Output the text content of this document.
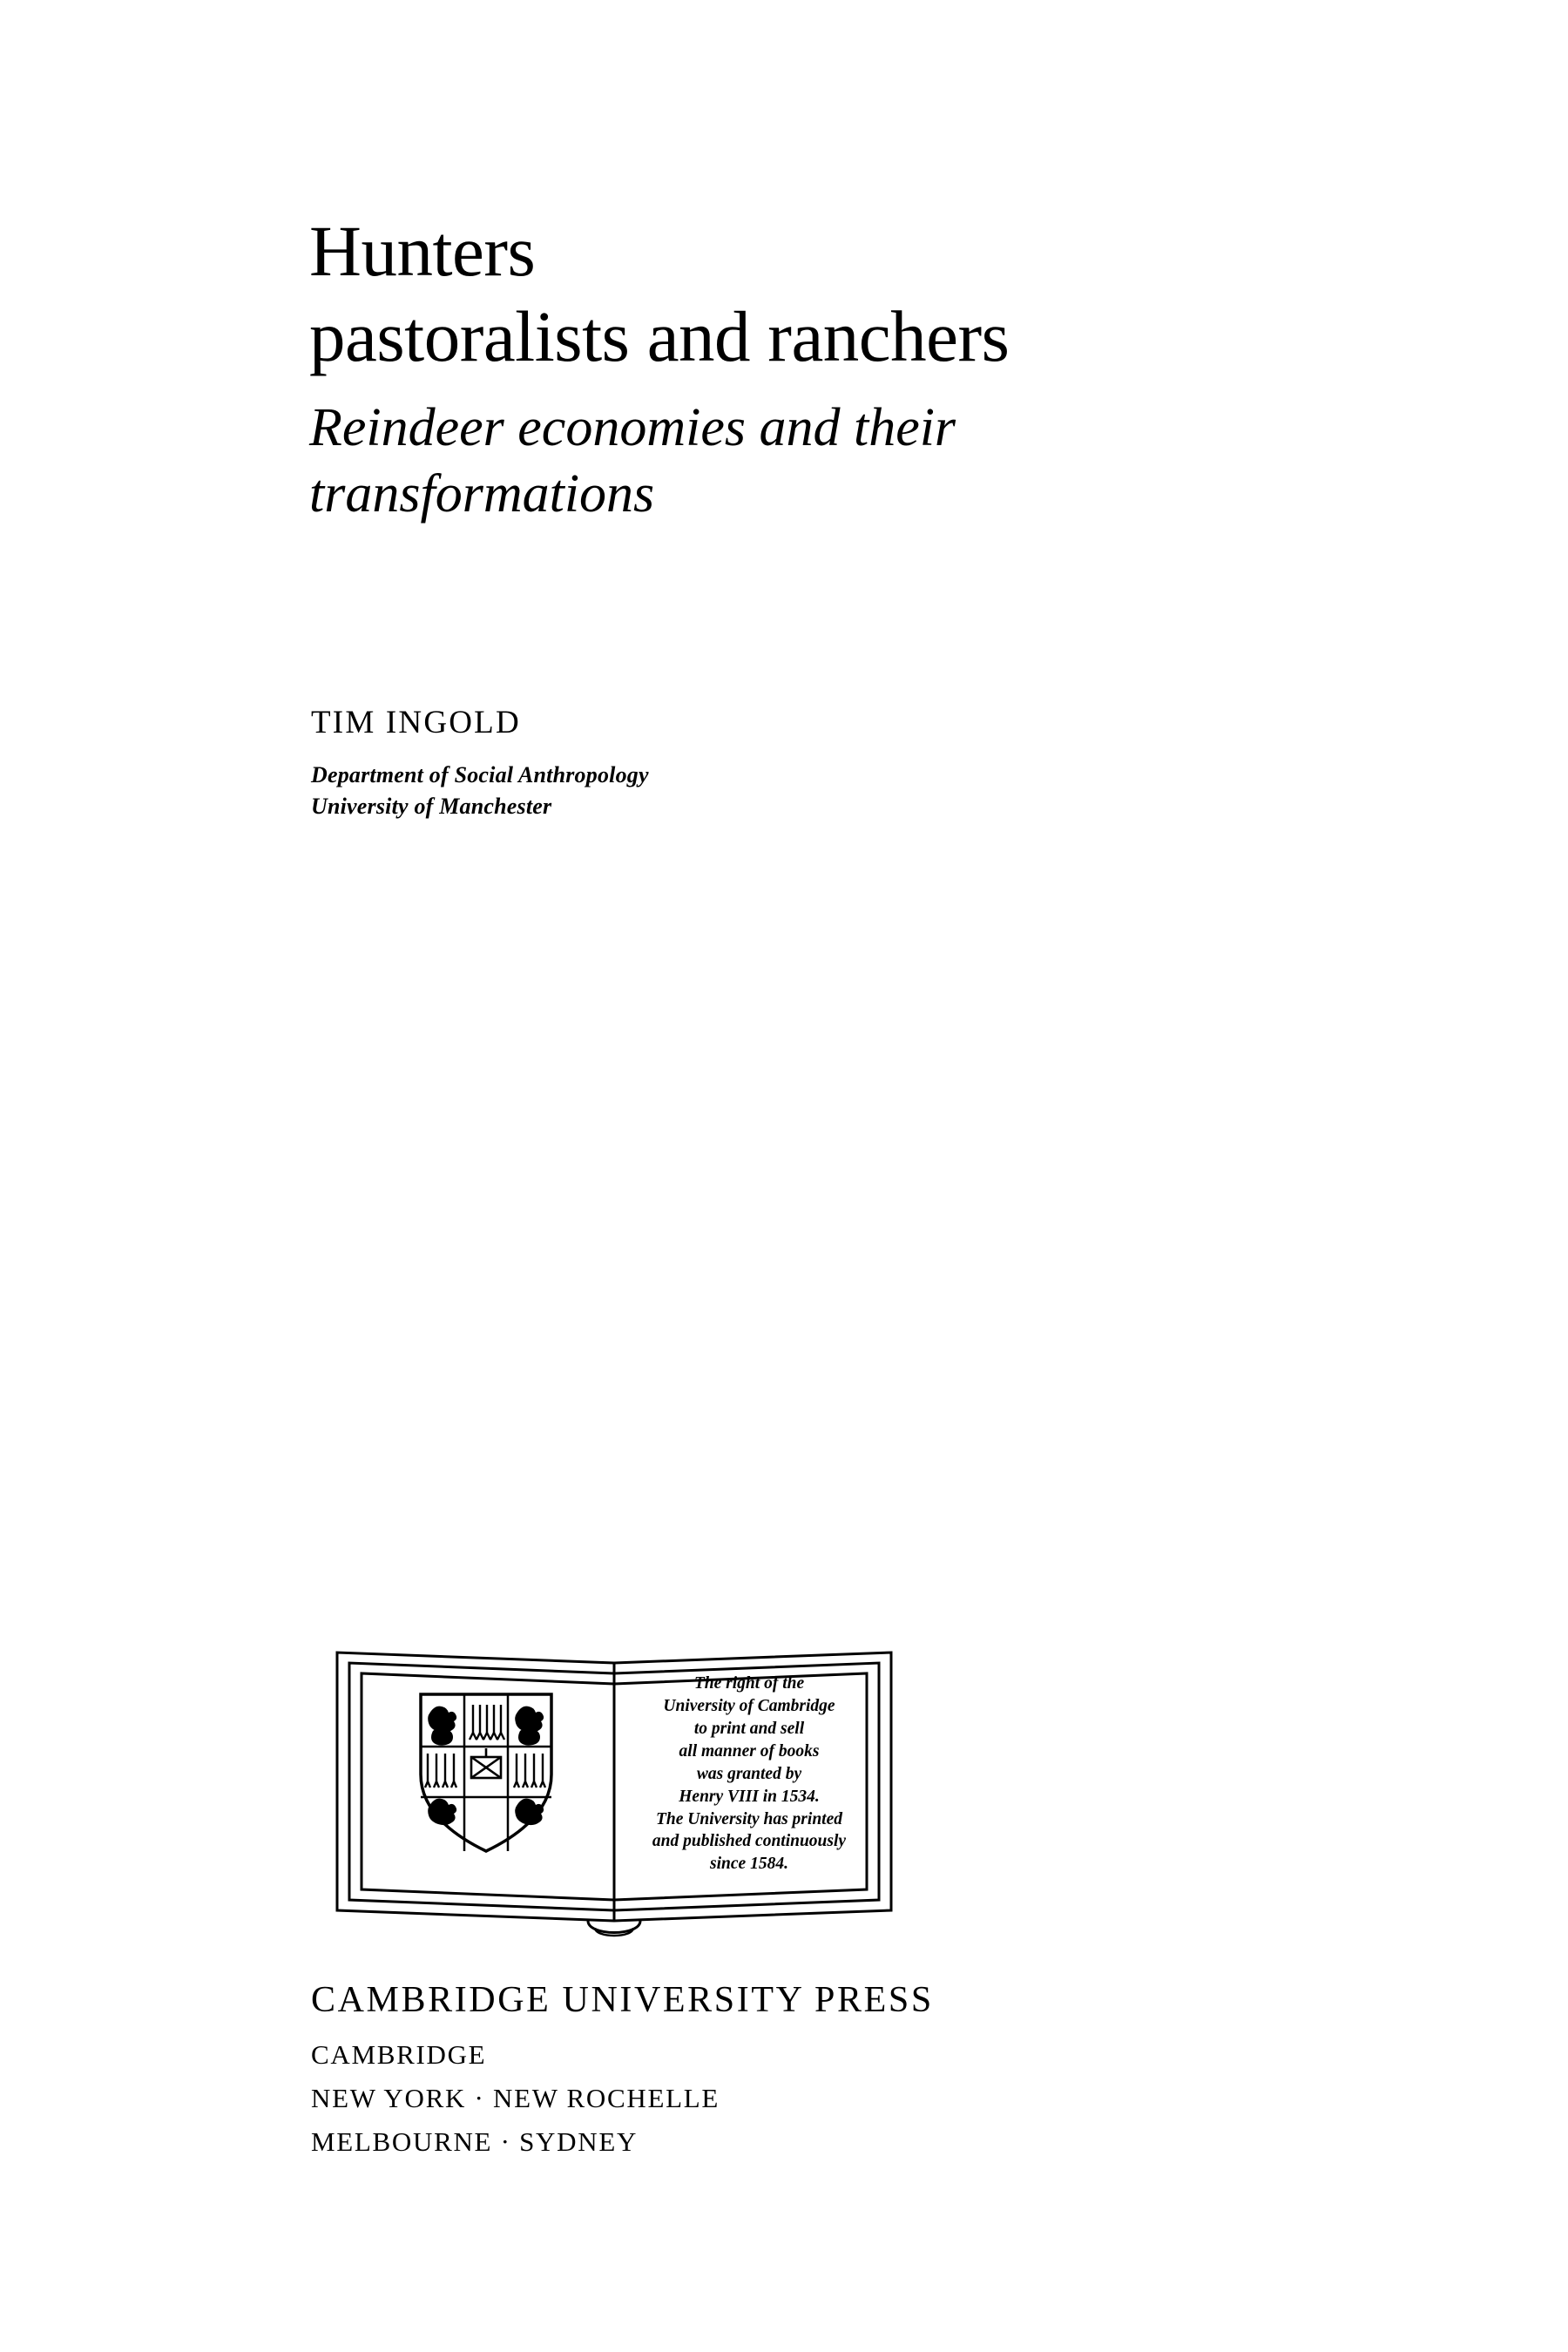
Hunters
pastoralists and ranchers
Reindeer economies and their
transformations
TIM INGOLD
Department of Social Anthropology
University of Manchester
The right of the
University of Cambridge
to print and sell
all manner of books
was granted by
Henry VIII in 1534.
The University has printed
and published continuously
since 1584.
CAMBRIDGE UNIVERSITY PRESS
CAMBRIDGE
NEW YORK · NEW ROCHELLE
MELBOURNE · SYDNEY
